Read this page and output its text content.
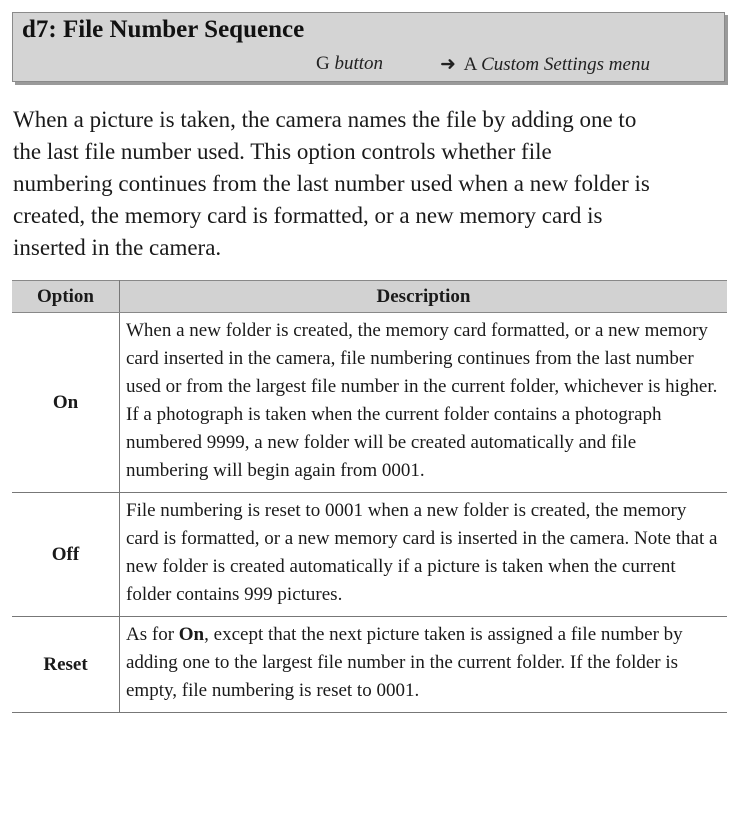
d7: File Number Sequence
G button	➜ A Custom Settings menu
When a picture is taken, the camera names the file by adding one to the last file number used. This option controls whether file numbering continues from the last number used when a new folder is created, the memory card is formatted, or a new memory card is inserted in the camera.
Option	Description
On	When a new folder is created, the memory card formatted, or a new memory card inserted in the camera, file numbering continues from the last number used or from the largest file number in the current folder, whichever is higher. If a photograph is taken when the current folder contains a photograph numbered 9999, a new folder will be created automatically and file numbering will begin again from 0001.
Off	File numbering is reset to 0001 when a new folder is created, the memory card is formatted, or a new memory card is inserted in the camera. Note that a new folder is created automatically if a picture is taken when the current folder contains 999 pictures.
Reset	As for On, except that the next picture taken is assigned a file number by adding one to the largest file number in the current folder. If the folder is empty, file numbering is reset to 0001.
